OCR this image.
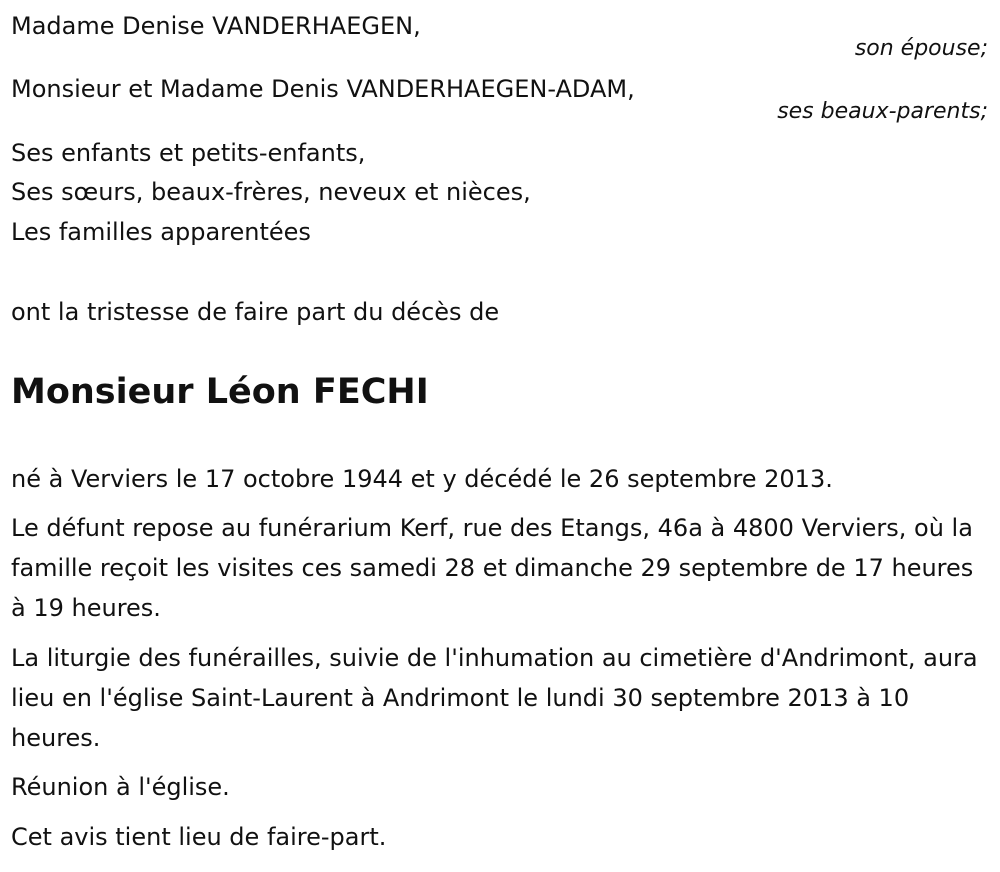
Madame Denise VANDERHAEGEN,
son épouse;
Monsieur et Madame Denis VANDERHAEGEN-ADAM,
ses beaux-parents;
Ses enfants et petits-enfants,
Ses sœurs, beaux-frères, neveux et nièces,
Les familles apparentées
ont la tristesse de faire part du décès de
Monsieur Léon FECHI
né à Verviers le 17 octobre 1944 et y décédé le 26 septembre 2013.
Le défunt repose au funérarium Kerf, rue des Etangs, 46a à 4800 Verviers, où la famille reçoit les visites ces samedi 28 et dimanche 29 septembre de 17 heures à 19 heures.
La liturgie des funérailles, suivie de l'inhumation au cimetière d'Andrimont, aura lieu en l'église Saint-Laurent à Andrimont le lundi 30 septembre 2013 à 10 heures.
Réunion à l'église.
Cet avis tient lieu de faire-part.
